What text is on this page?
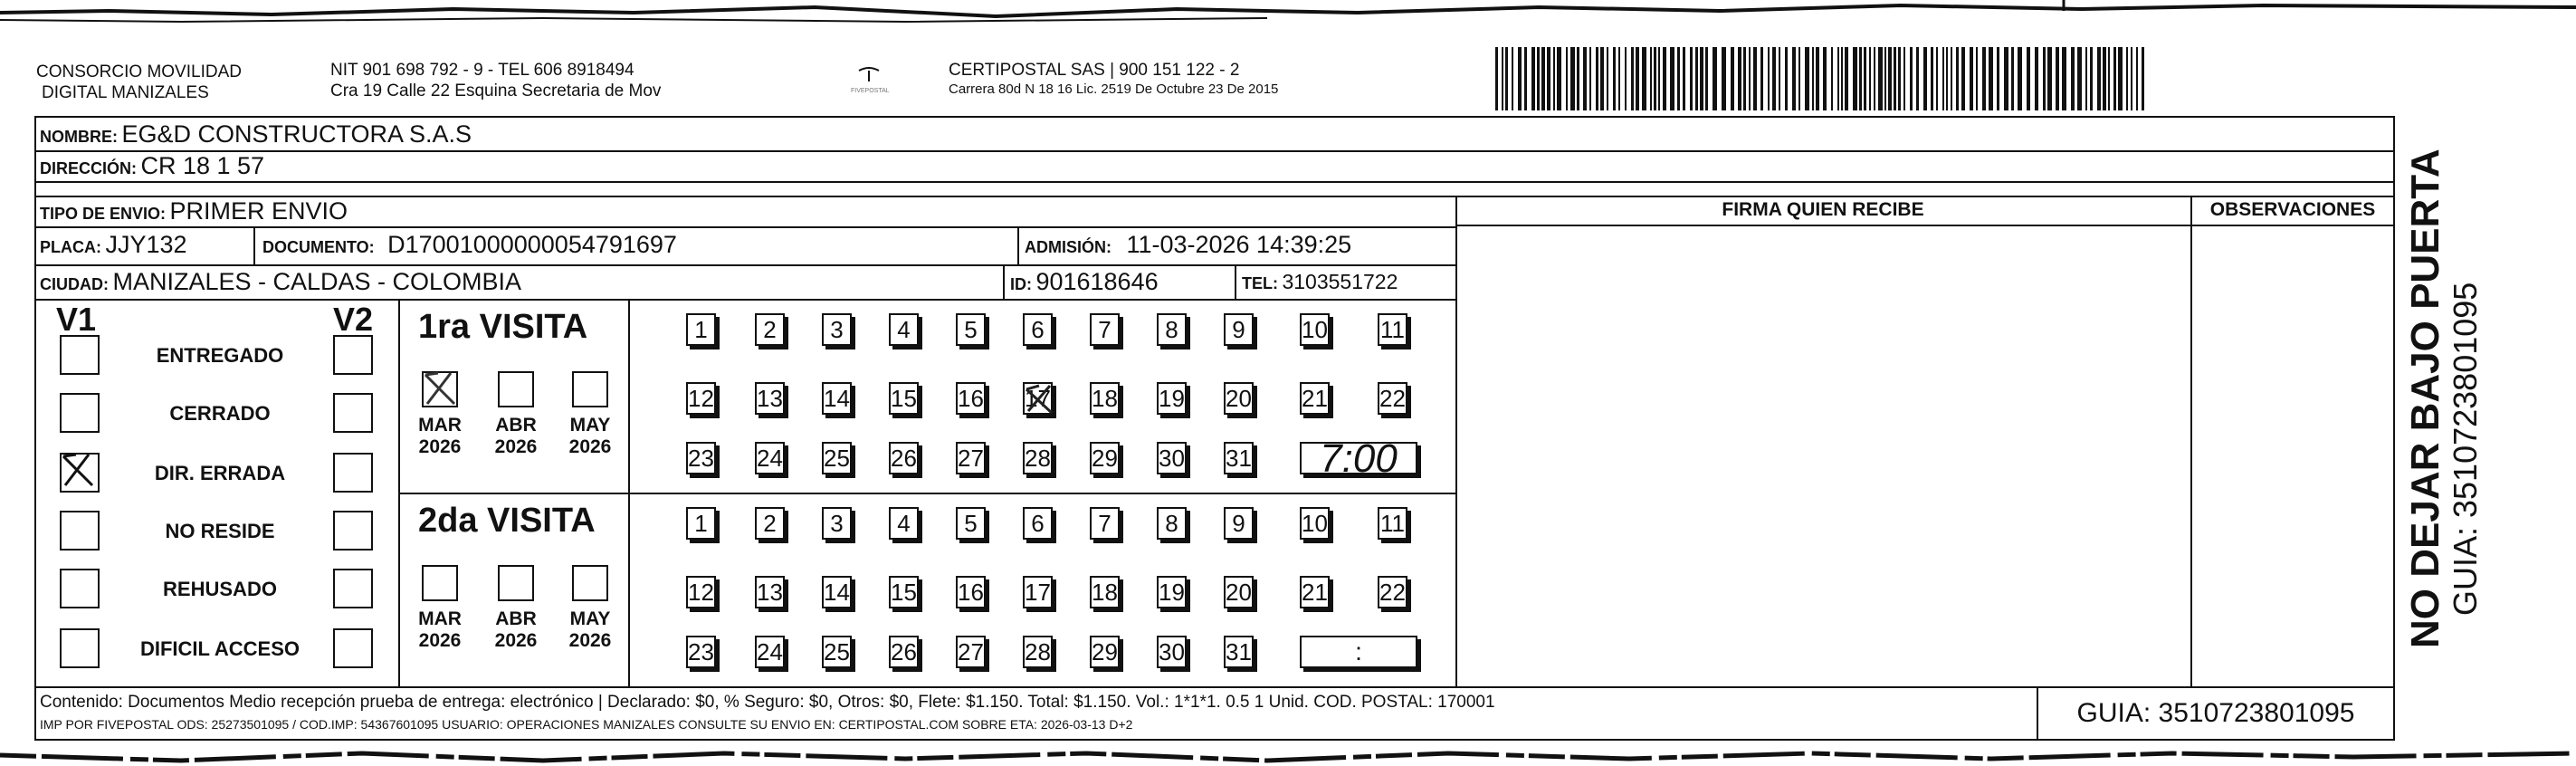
CONSORCIO MOVILIDAD
DIGITAL MANIZALES
NIT 901 698 792 - 9 - TEL 606 8918494
Cra 19 Calle 22 Esquina Secretaria de Mov	FIVEPOSTAL
CERTIPOSTAL SAS | 900 151 122 - 2
Carrera 80d N 18 16 Lic. 2519 De Octubre 23 De 2015
NOMBRE: EG&D CONSTRUCTORA S.A.S
DIRECCIÓN: CR 18 1 57
TIPO DE ENVIO: PRIMER ENVIO	FIRMA QUIEN RECIBE	OBSERVACIONES
PLACA: JJY132	DOCUMENTO: D17001000000054791697	ADMISIÓN: 11-03-2026 14:39:25
CIUDAD: MANIZALES - CALDAS - COLOMBIA	ID: 901618646	TEL: 3103551722
V1	V2
ENTREGADO
CERRADO
DIR. ERRADA
NO RESIDE
REHUSADO
DIFICIL ACCESO
1ra VISITA
MAR
2026
ABR
2026
MAY
2026
1	2	3	4	5	6	7	8	9	10 11
12 13 14 15 16 17 18 19 20 21 22
23 24 25 26 27 28 29 30 31	7:00
2da VISITA
MAR
2026
ABR
2026
MAY
2026
1	2	3	4	5	6	7	8	9	10 11
12 13 14 15 16 17 18 19 20 21 22
23 24 25 26 27 28 29 30 31	:
Contenido: Documentos Medio recepción prueba de entrega: electrónico | Declarado: $0, % Seguro: $0, Otros: $0, Flete: $1.150. Total: $1.150. Vol.: 1*1*1. 0.5 1 Unid. COD. POSTAL: 170001
IMP POR FIVEPOSTAL ODS: 25273501095 / COD.IMP: 54367601095 USUARIO: OPERACIONES MANIZALES CONSULTE SU ENVIO EN: CERTIPOSTAL.COM SOBRE ETA: 2026-03-13 D+2	GUIA: 3510723801095
NO DEJAR BAJO PUERTA GUIA: 3510723801095
